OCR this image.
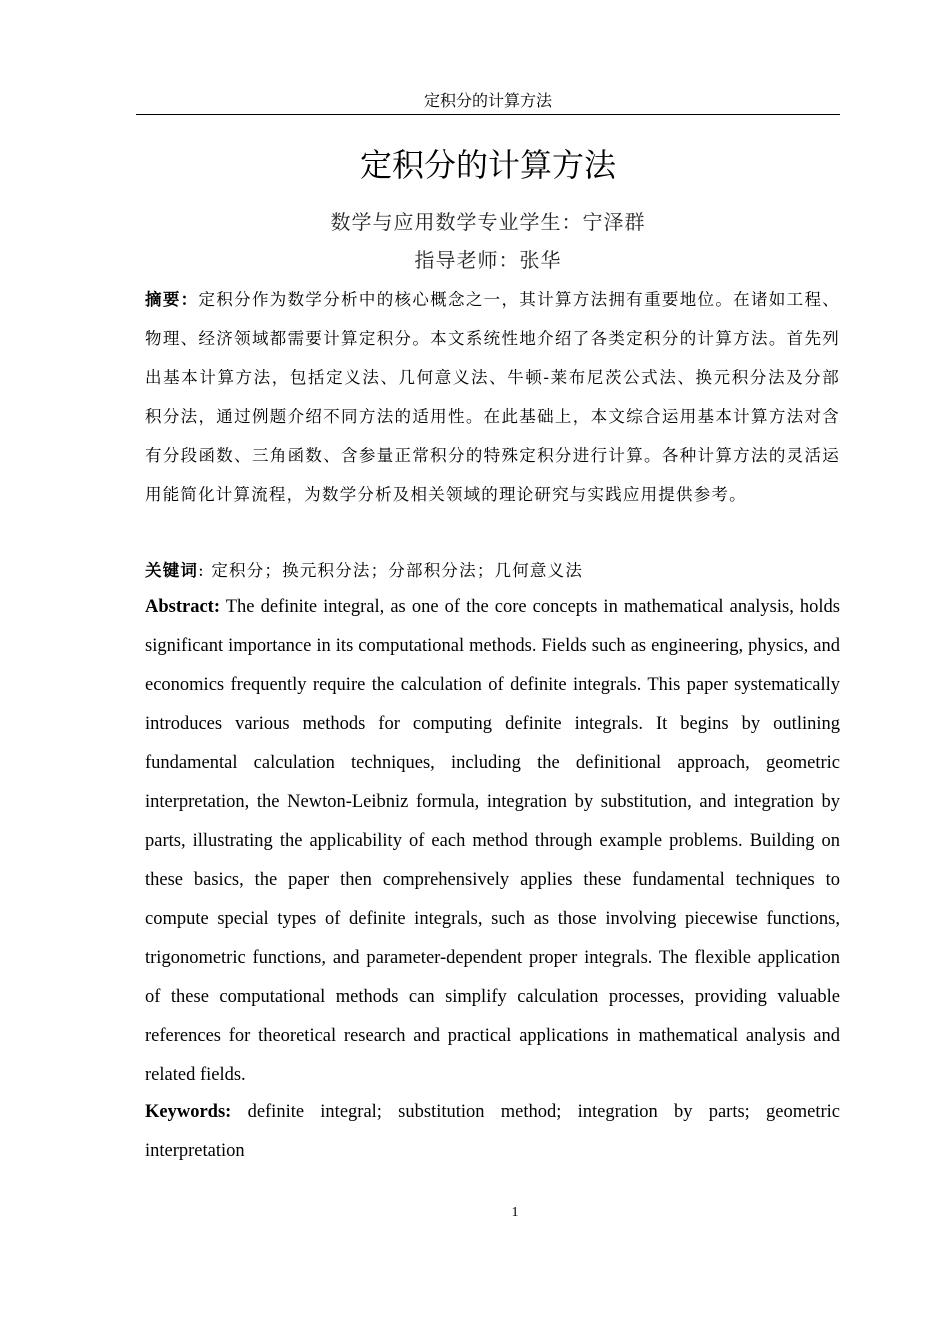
定积分的计算方法
定积分的计算方法
数学与应用数学专业学生：宁泽群
指导老师：张华
摘要：定积分作为数学分析中的核心概念之一，其计算方法拥有重要地位。在诸如工程、物理、经济领域都需要计算定积分。本文系统性地介绍了各类定积分的计算方法。首先列出基本计算方法，包括定义法、几何意义法、牛顿-莱布尼茨公式法、换元积分法及分部积分法，通过例题介绍不同方法的适用性。在此基础上，本文综合运用基本计算方法对含有分段函数、三角函数、含参量正常积分的特殊定积分进行计算。各种计算方法的灵活运用能简化计算流程，为数学分析及相关领域的理论研究与实践应用提供参考。
关键词: 定积分；换元积分法；分部积分法；几何意义法
Abstract: The definite integral, as one of the core concepts in mathematical analysis, holds significant importance in its computational methods. Fields such as engineering, physics, and economics frequently require the calculation of definite integrals. This paper systematically introduces various methods for computing definite integrals. It begins by outlining fundamental calculation techniques, including the definitional approach, geometric interpretation, the Newton-Leibniz formula, integration by substitution, and integration by parts, illustrating the applicability of each method through example problems. Building on these basics, the paper then comprehensively applies these fundamental techniques to compute special types of definite integrals, such as those involving piecewise functions, trigonometric functions, and parameter-dependent proper integrals. The flexible application of these computational methods can simplify calculation processes, providing valuable references for theoretical research and practical applications in mathematical analysis and related fields.
Keywords: definite integral; substitution method; integration by parts; geometric interpretation
1
